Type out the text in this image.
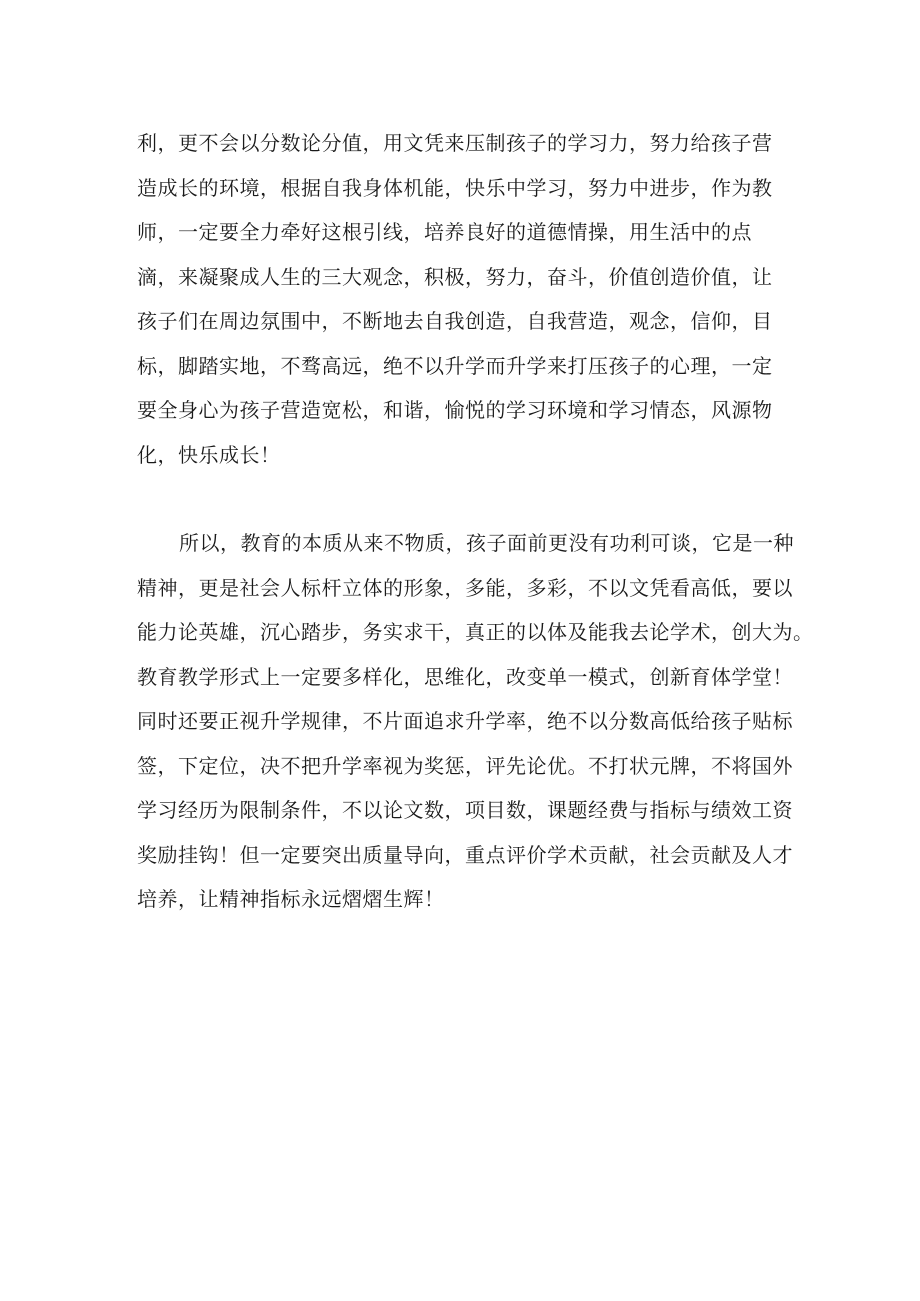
利，更不会以分数论分值，用文凭来压制孩子的学习力，努力给孩子营
造成长的环境，根据自我身体机能，快乐中学习，努力中进步，作为教
师，一定要全力牵好这根引线，培养良好的道德情操，用生活中的点
滴，来凝聚成人生的三大观念，积极，努力，奋斗，价值创造价值，让
孩子们在周边氛围中，不断地去自我创造，自我营造，观念，信仰，目
标，脚踏实地，不骛高远，绝不以升学而升学来打压孩子的心理，一定
要全身心为孩子营造宽松，和谐，愉悦的学习环境和学习情态，风源物
化，快乐成长！
所以，教育的本质从来不物质，孩子面前更没有功利可谈，它是一种
精神，更是社会人标杆立体的形象，多能，多彩，不以文凭看高低，要以
能力论英雄，沉心踏步，务实求干，真正的以体及能我去论学术，创大为。
教育教学形式上一定要多样化，思维化，改变单一模式，创新育体学堂！
同时还要正视升学规律，不片面追求升学率，绝不以分数高低给孩子贴标
签，下定位，决不把升学率视为奖惩，评先论优。不打状元牌，不将国外
学习经历为限制条件，不以论文数，项目数，课题经费与指标与绩效工资
奖励挂钩！但一定要突出质量导向，重点评价学术贡献，社会贡献及人才
培养，让精神指标永远熠熠生辉！
